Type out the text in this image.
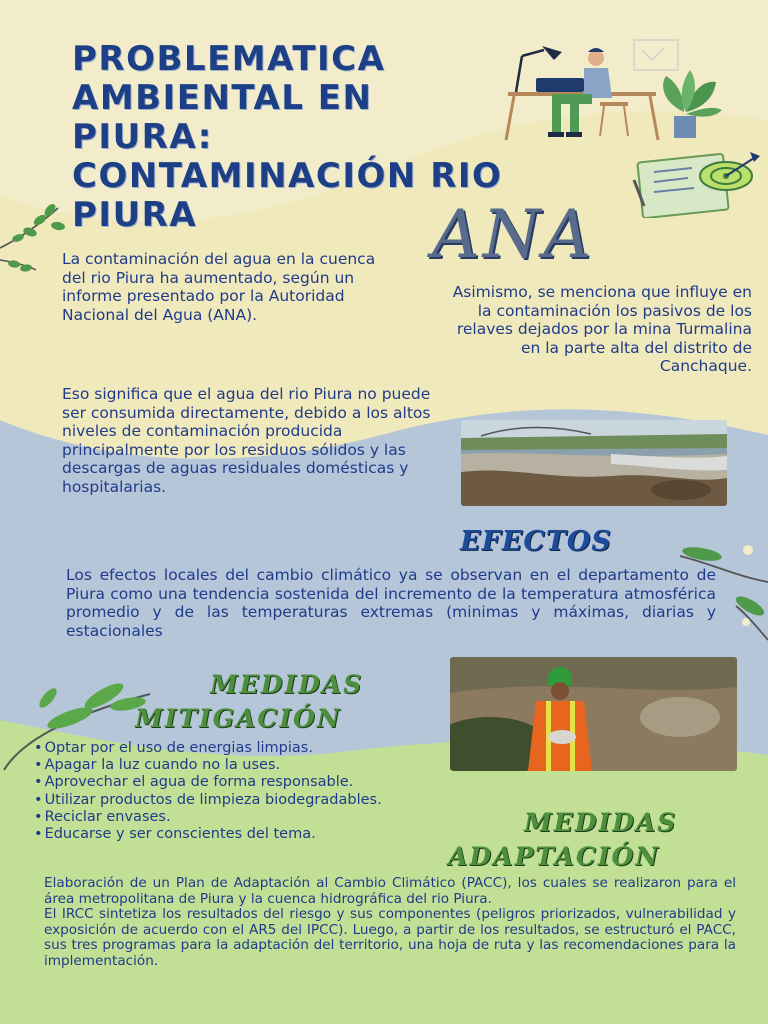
PROBLEMATICA AMBIENTAL EN PIURA: CONTAMINACIÓN RIO PIURA	ANA

La contaminación del agua en la cuenca del rio Piura ha aumentado, según un informe presentado por la Autoridad Nacional del Agua (ANA).

Eso significa que el agua del rio Piura no puede ser consumida directamente, debido a los altos niveles de contaminación producida principalmente por los residuos sólidos y las descargas de aguas residuales domésticas y hospitalarias.

Asimismo, se menciona que influye en la contaminación los pasivos de los relaves dejados por la mina Turmalina en la parte alta del distrito de Canchaque.

EFECTOS

Los efectos locales del cambio climático ya se observan en el departamento de Piura como una tendencia sostenida del incremento de la temperatura atmosférica promedio y de las temperaturas extremas (minimas y máximas, diarias y estacionales

MEDIDAS
MITIGACIÓN
• Optar por el uso de energias limpias.
• Apagar la luz cuando no la uses.
• Aprovechar el agua de forma responsable.
• Utilizar productos de limpieza biodegradables.
• Reciclar envases.
• Educarse y ser conscientes del tema.	MEDIDAS
ADAPTACIÓN
Elaboración de un Plan de Adaptación al Cambio Climático (PACC), los cuales se realizaron para el área metropolitana de Piura y la cuenca hidrográfica del rio Piura.
El IRCC sintetiza los resultados del riesgo y sus componentes (peligros priorizados, vulnerabilidad y exposición de acuerdo con el AR5 del IPCC). Luego, a partir de los resultados, se estructuró el PACC, sus tres programas para la adaptación del territorio, una hoja de ruta y las recomendaciones para la implementación.
